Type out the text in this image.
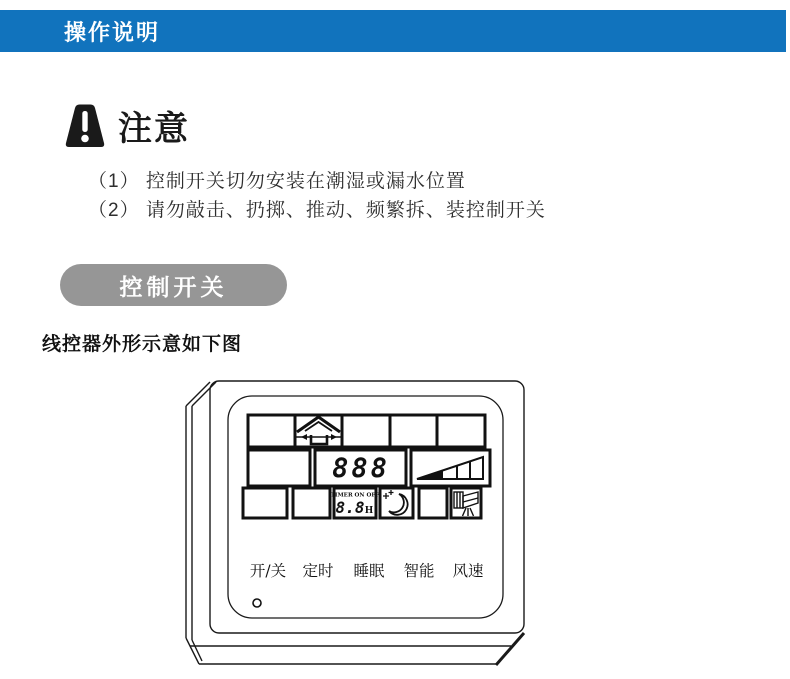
操作说明
注意

（1） 控制开关切勿安装在潮湿或漏水位置

（2） 请勿敲击、扔掷、推动、频繁拆、装控制开关

控制开关
线控器外形示意如下图
888
TIMER ON OFF
8.8 H
开/关 定时 睡眠 智能 风速
